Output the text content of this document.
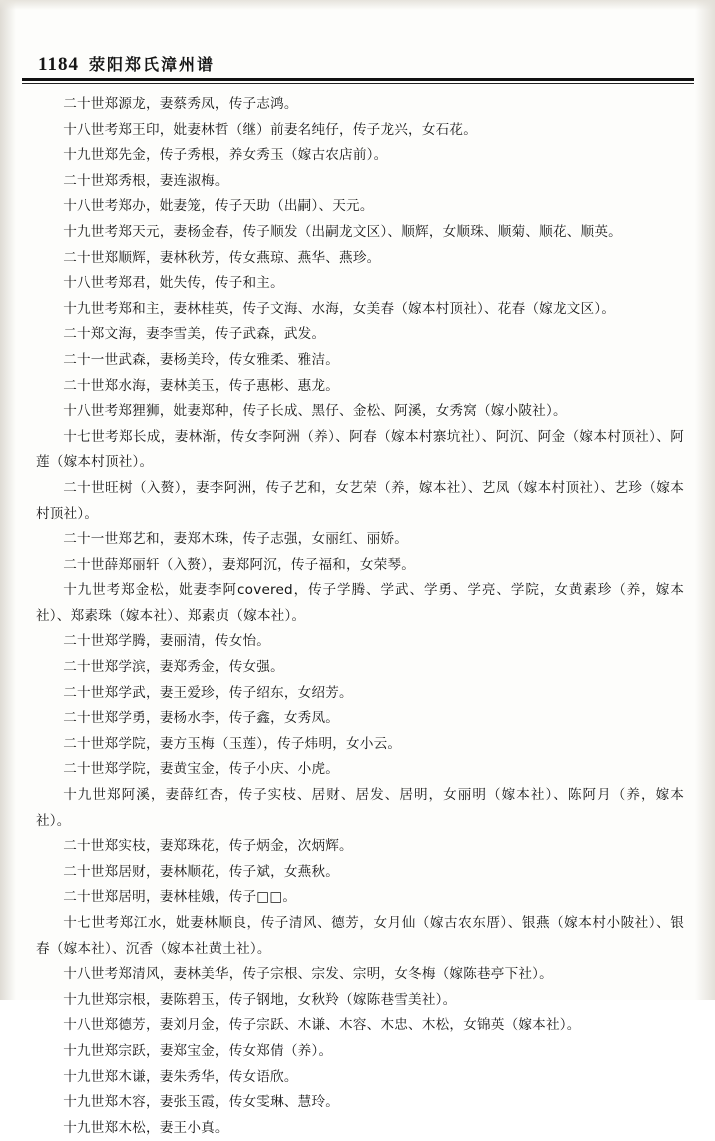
1184 荥阳郑氏漳州谱

二十世郑源龙，妻蔡秀凤，传子志鸿。

十八世考郑王印，妣妻林哲（继）前妻名纯仔，传子龙兴，女石花。

十九世郑先金，传子秀根，养女秀玉（嫁古农店前）。

二十世郑秀根，妻连淑梅。

十八世考郑办，妣妻笼，传子天助（出嗣）、天元。

十九世考郑天元，妻杨金春，传子顺发（出嗣龙文区）、顺辉，女顺珠、顺菊、顺花、顺英。

二十世郑顺辉，妻林秋芳，传女燕琼、燕华、燕珍。

十八世考郑君，妣失传，传子和主。

十九世考郑和主，妻林桂英，传子文海、水海，女美春（嫁本村顶社）、花春（嫁龙文区）。

二十郑文海，妻李雪美，传子武森，武发。

二十一世武森，妻杨美玲，传女雅柔、雅洁。

二十世郑水海，妻林美玉，传子惠彬、惠龙。

十八世考郑狸狮，妣妻郑种，传子长成、黑仔、金松、阿溪，女秀窝（嫁小陂社）。

十七世考郑长成，妻林渐，传女李阿洲（养）、阿春（嫁本村寨坑社）、阿沉、阿金（嫁本村顶社）、阿莲（嫁本村顶社）。

二十世旺树（入赘），妻李阿洲，传子艺和，女艺荣（养，嫁本社）、艺凤（嫁本村顶社）、艺珍（嫁本村顶社）。

二十一世郑艺和，妻郑木珠，传子志强，女丽红、丽娇。

二十世薛郑丽轩（入赘），妻郑阿沉，传子福和，女荣琴。

十九世考郑金松，妣妻李阿covered，传子学腾、学武、学勇、学亮、学院，女黄素珍（养，嫁本社）、郑素珠（嫁本社）、郑素贞（嫁本社）。

二十世郑学腾，妻丽清，传女怡。

二十世郑学滨，妻郑秀金，传女强。

二十世郑学武，妻王爱珍，传子绍东，女绍芳。

二十世郑学勇，妻杨水李，传子鑫，女秀凤。

二十世郑学院，妻方玉梅（玉莲），传子炜明，女小云。

二十世郑学院，妻黄宝金，传子小庆、小虎。

十九世郑阿溪，妻薛红杏，传子实枝、居财、居发、居明，女丽明（嫁本社）、陈阿月（养，嫁本社）。

二十世郑实枝，妻郑珠花，传子炳金，次炳辉。

二十世郑居财，妻林顺花，传子斌，女燕秋。

二十世郑居明，妻林桂娥，传子□□。

十七世考郑江水，妣妻林顺良，传子清风、德芳，女月仙（嫁古农东厝）、银燕（嫁本村小陂社）、银春（嫁本社）、沉香（嫁本社黄土社）。

十八世考郑清风，妻林美华，传子宗根、宗发、宗明，女冬梅（嫁陈巷亭下社）。

十九世郑宗根，妻陈碧玉，传子钢地，女秋羚（嫁陈巷雪美社）。

十八世郑德芳，妻刘月金，传子宗跃、木谦、木容、木忠、木松，女锦英（嫁本社）。

十九世郑宗跃，妻郑宝金，传女郑倩（养）。

十九世郑木谦，妻朱秀华，传女语欣。

十九世郑木容，妻张玉霞，传女雯琳、慧玲。

十九世郑木松，妻王小真。
